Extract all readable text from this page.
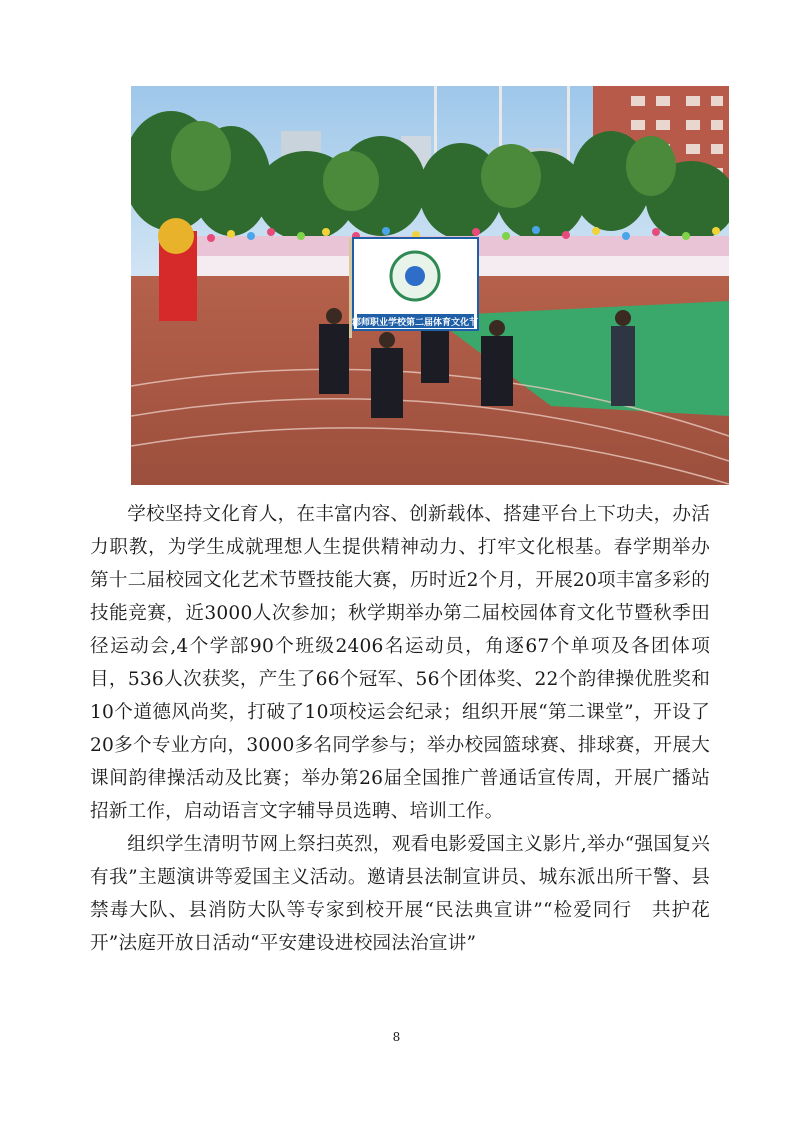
郡师职业学校第二届体育文化节

学校坚持文化育人，在丰富内容、创新载体、搭建平台上下功夫，办活力职教，为学生成就理想人生提供精神动力、打牢文化根基。春学期举办第十二届校园文化艺术节暨技能大赛，历时近2个月，开展20项丰富多彩的技能竞赛，近3000人次参加；秋学期举办第二届校园体育文化节暨秋季田径运动会,4个学部90个班级2406名运动员，角逐67个单项及各团体项目，536人次获奖，产生了66个冠军、56个团体奖、22个韵律操优胜奖和10个道德风尚奖，打破了10项校运会纪录；组织开展“第二课堂”，开设了20多个专业方向，3000多名同学参与；举办校园篮球赛、排球赛，开展大课间韵律操活动及比赛；举办第26届全国推广普通话宣传周，开展广播站招新工作，启动语言文字辅导员选聘、培训工作。

组织学生清明节网上祭扫英烈，观看电影爱国主义影片,举办“强国复兴有我”主题演讲等爱国主义活动。邀请县法制宣讲员、城东派出所干警、县禁毒大队、县消防大队等专家到校开展“民法典宣讲”“检爱同行　共护花开”法庭开放日活动“平安建设进校园法治宣讲”

8
